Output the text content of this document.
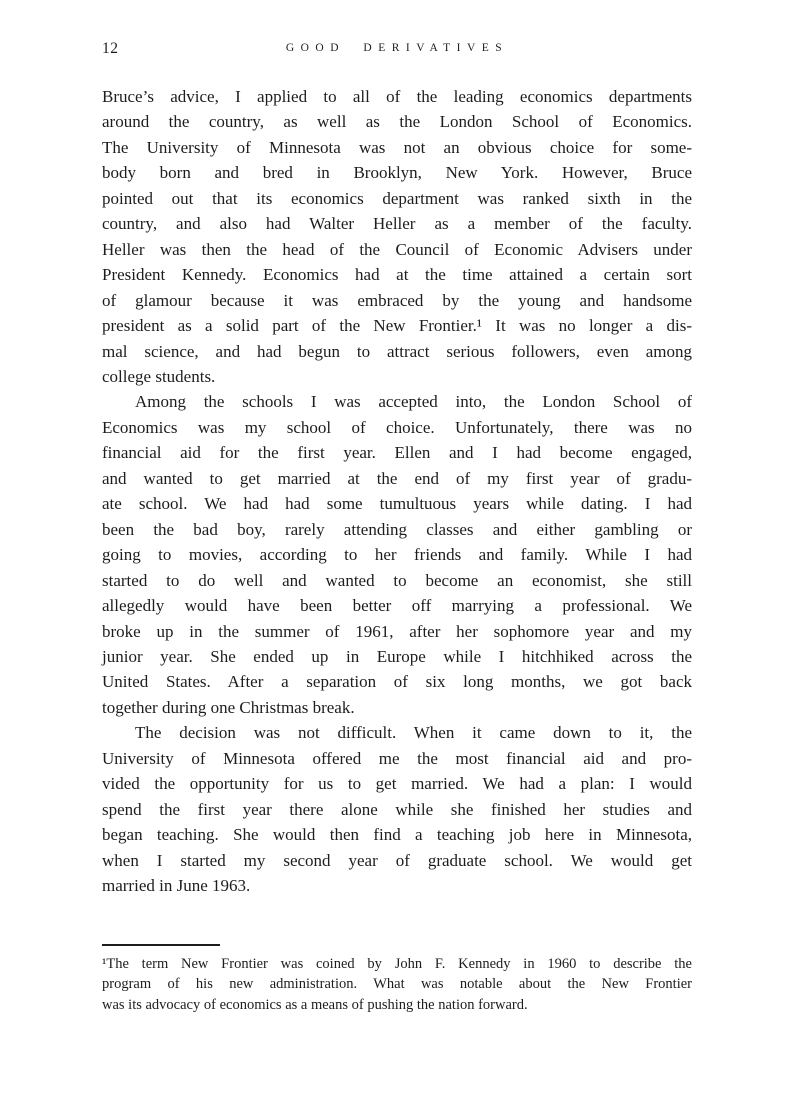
12	GOOD DERIVATIVES
Bruce’s advice, I applied to all of the leading economics departments
around the country, as well as the London School of Economics.
The University of Minnesota was not an obvious choice for some-
body born and bred in Brooklyn, New York. However, Bruce
pointed out that its economics department was ranked sixth in the
country, and also had Walter Heller as a member of the faculty.
Heller was then the head of the Council of Economic Advisers under
President Kennedy. Economics had at the time attained a certain sort
of glamour because it was embraced by the young and handsome
president as a solid part of the New Frontier.¹ It was no longer a dis-
mal science, and had begun to attract serious followers, even among
college students.
Among the schools I was accepted into, the London School of
Economics was my school of choice. Unfortunately, there was no
financial aid for the first year. Ellen and I had become engaged,
and wanted to get married at the end of my first year of gradu-
ate school. We had had some tumultuous years while dating. I had
been the bad boy, rarely attending classes and either gambling or
going to movies, according to her friends and family. While I had
started to do well and wanted to become an economist, she still
allegedly would have been better off marrying a professional. We
broke up in the summer of 1961, after her sophomore year and my
junior year. She ended up in Europe while I hitchhiked across the
United States. After a separation of six long months, we got back
together during one Christmas break.
The decision was not difficult. When it came down to it, the
University of Minnesota offered me the most financial aid and pro-
vided the opportunity for us to get married. We had a plan: I would
spend the first year there alone while she finished her studies and
began teaching. She would then find a teaching job here in Minnesota,
when I started my second year of graduate school. We would get
married in June 1963.
¹The term New Frontier was coined by John F. Kennedy in 1960 to describe the
program of his new administration. What was notable about the New Frontier
was its advocacy of economics as a means of pushing the nation forward.
